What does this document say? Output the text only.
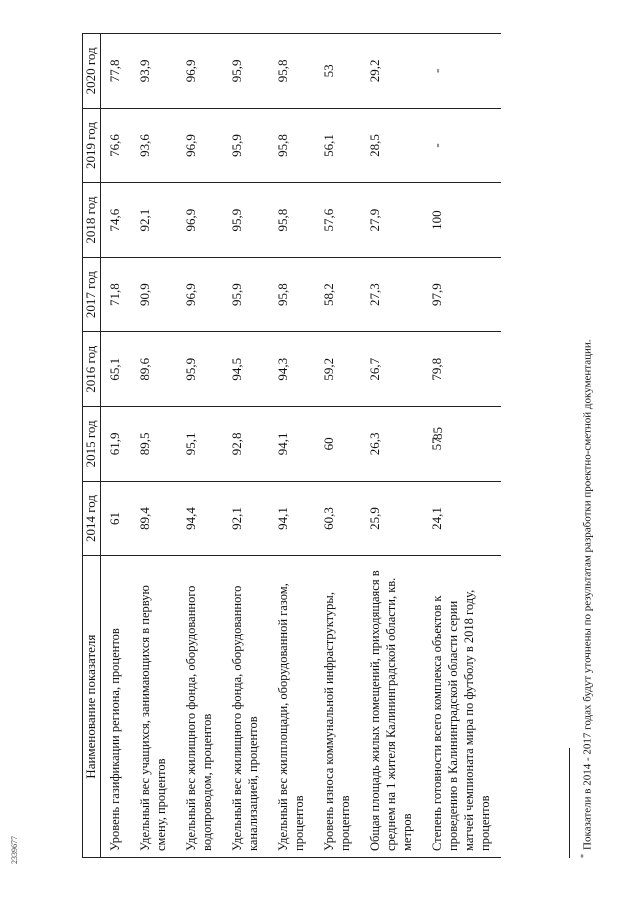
85
2339677
Наименование показателя	2014 год	2015 год	2016 год	2017 год	2018 год	2019 год	2020 год
Уровень газификации региона, процентов	61	61,9	65,1	71,8	74,6	76,6	77,8
Удельный вес учащихся, занимающихся в первую смену, процентов	89,4	89,5	89,6	90,9	92,1	93,6	93,9
Удельный вес жилищного фонда, оборудованного водопроводом, процентов	94,4	95,1	95,9	96,9	96,9	96,9	96,9
Удельный вес жилищного фонда, оборудованного канализацией, процентов	92,1	92,8	94,5	95,9	95,9	95,9	95,9
Удельный вес жилплощади, оборудованной газом, процентов	94,1	94,1	94,3	95,8	95,8	95,8	95,8
Уровень износа коммунальной инфраструктуры, процентов	60,3	60	59,2	58,2	57,6	56,1	53
Общая площадь жилых помещений, приходящаяся в среднем на 1 жителя Калининградской области, кв. метров	25,9	26,3	26,7	27,3	27,9	28,5	29,2
Степень готовности всего комплекса объектов к проведению в Калининградской области серии матчей чемпионата мира по футболу в 2018 году, процентов	24,1	57	79,8	97,9	100	-	-
*Показатели в 2014 - 2017 годах будут уточнены по результатам разработки проектно-сметной документации.
